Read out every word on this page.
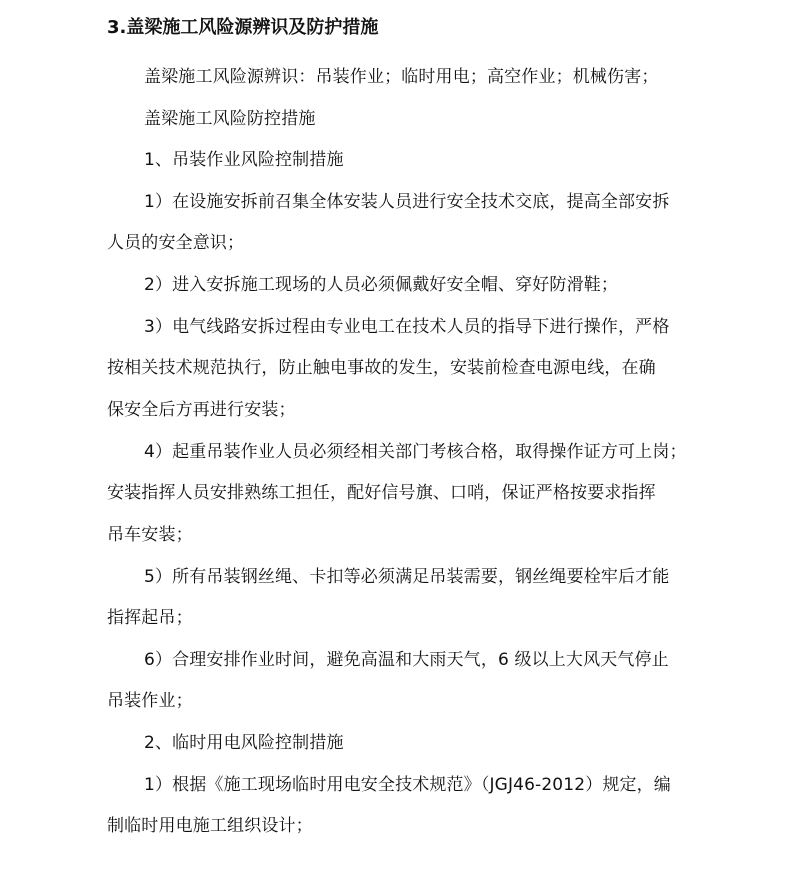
3.盖梁施工风险源辨识及防护措施
盖梁施工风险源辨识：吊装作业；临时用电；高空作业；机械伤害；
盖梁施工风险防控措施
1、吊装作业风险控制措施
1）在设施安拆前召集全体安装人员进行安全技术交底，提高全部安拆
人员的安全意识；
2）进入安拆施工现场的人员必须佩戴好安全帽、穿好防滑鞋；
3）电气线路安拆过程由专业电工在技术人员的指导下进行操作，严格
按相关技术规范执行，防止触电事故的发生，安装前检查电源电线，在确
保安全后方再进行安装；
4）起重吊装作业人员必须经相关部门考核合格，取得操作证方可上岗；
安装指挥人员安排熟练工担任，配好信号旗、口哨，保证严格按要求指挥
吊车安装；
5）所有吊装钢丝绳、卡扣等必须满足吊装需要，钢丝绳要栓牢后才能
指挥起吊；
6）合理安排作业时间，避免高温和大雨天气，6 级以上大风天气停止
吊装作业；
2、临时用电风险控制措施
1）根据《施工现场临时用电安全技术规范》（JGJ46-2012）规定，编
制临时用电施工组织设计；
